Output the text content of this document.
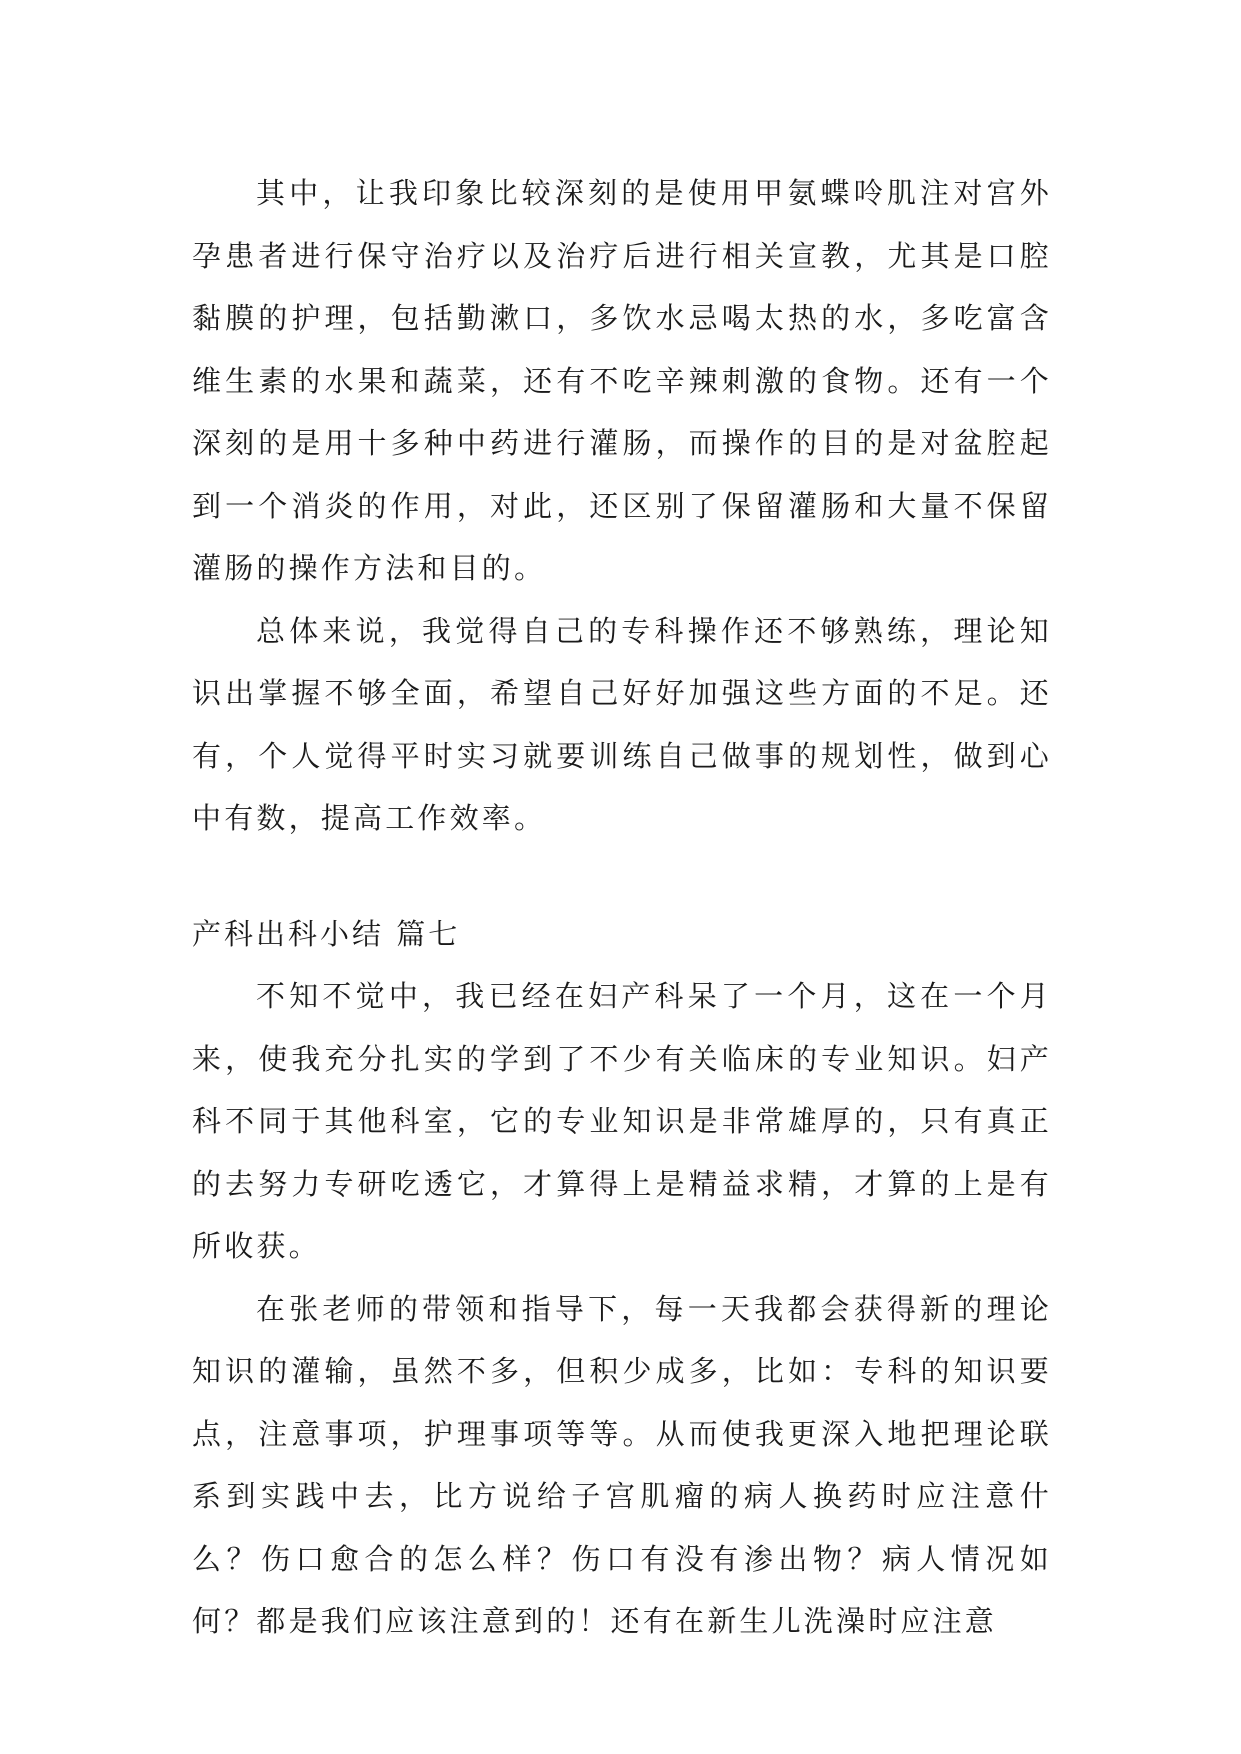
其中，让我印象比较深刻的是使用甲氨蝶呤肌注对宫外孕患者进行保守治疗以及治疗后进行相关宣教，尤其是口腔黏膜的护理，包括勤漱口，多饮水忌喝太热的水，多吃富含维生素的水果和蔬菜，还有不吃辛辣刺激的食物。还有一个深刻的是用十多种中药进行灌肠，而操作的目的是对盆腔起到一个消炎的作用，对此，还区别了保留灌肠和大量不保留灌肠的操作方法和目的。

总体来说，我觉得自己的专科操作还不够熟练，理论知识出掌握不够全面，希望自己好好加强这些方面的不足。还有，个人觉得平时实习就要训练自己做事的规划性，做到心中有数，提高工作效率。

产科出科小结 篇七

不知不觉中，我已经在妇产科呆了一个月，这在一个月来，使我充分扎实的学到了不少有关临床的专业知识。妇产科不同于其他科室，它的专业知识是非常雄厚的，只有真正的去努力专研吃透它，才算得上是精益求精，才算的上是有所收获。

在张老师的带领和指导下，每一天我都会获得新的理论知识的灌输，虽然不多，但积少成多，比如：专科的知识要点，注意事项，护理事项等等。从而使我更深入地把理论联系到实践中去，比方说给子宫肌瘤的病人换药时应注意什么？伤口愈合的怎么样？伤口有没有渗出物？病人情况如何？都是我们应该注意到的！还有在新生儿洗澡时应注意
